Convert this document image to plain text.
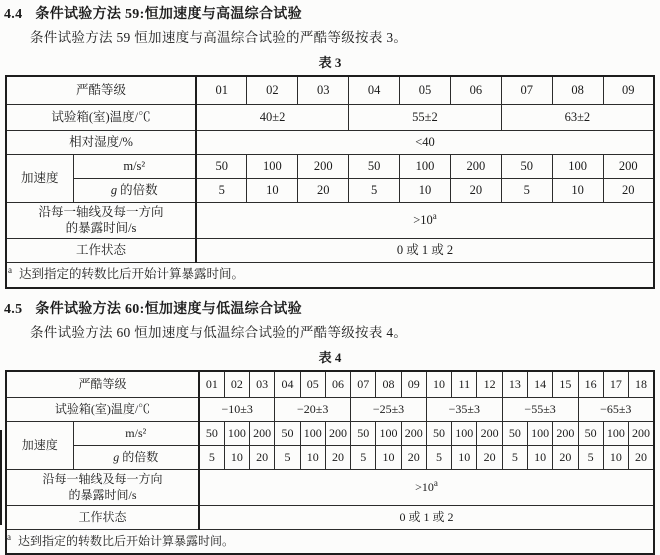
4.4 条件试验方法 59:恒加速度与高温综合试验
条件试验方法 59 恒加速度与高温综合试验的严酷等级按表 3。
表 3
严酷等级		01	02	03	04	05	06	07	08	09
试验箱(室)温度/℃		40±2			55±2			63±2		
相对湿度/%		<40								
加速度	m/s²	50	100	200	50	100	200	50	100	200
	g 的倍数	5	10	20	5	10	20	5	10	20

沿每一轴线及每一方向
的暴露时间/s		$>10^a$
工作状态		0 或 1 或 2								
$^a$ 达到指定的转数比后开始计算暴露时间。										
4.5 条件试验方法 60:恒加速度与低温综合试验
条件试验方法 60 恒加速度与低温综合试验的严酷等级按表 4。
表 4
严酷等级		01	02	03	04	05	06	07	08	09	10	11	12	13	14	15	16	17	18
试验箱(室)温度/℃		−10±3			−20±3			−25±3			−35±3			−55±3			−65±3		
加速度	m/s²	50	100	200	50	100	200	50	100	200	50	100	200	50	100	200	50	100	200
	g 的倍数	5	10	20	5	10	20	5	10	20	5	10	20	5	10	20	5	10	20

沿每一轴线及每一方向
的暴露时间/s		$>10^a$
工作状态		0 或 1 或 2																	
$^a$ 达到指定的转数比后开始计算暴露时间。																			
